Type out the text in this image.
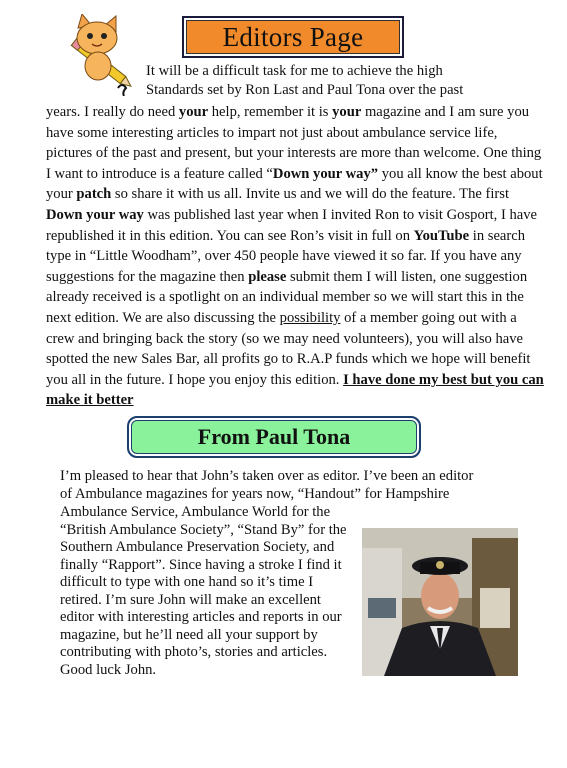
Editors Page

It will be a difficult task for me to achieve the high

Standards set by Ron Last and Paul Tona over the past

years. I really do need your help, remember it is your magazine and I am sure you have some interesting articles to impart not just about ambulance service life, pictures of the past and present, but your interests are more than welcome. One thing I want to introduce is a feature called “Down your way” you all know the best about your patch so share it with us all. Invite us and we will do the feature. The first Down your way was published last year when I invited Ron to visit Gosport, I have republished it in this edition. You can see Ron’s visit in full on YouTube in search type in “Little Woodham”, over 450 people have viewed it so far. If you have any suggestions for the magazine then please submit them I will listen, one suggestion already received is a spotlight on an individual member so we will start this in the next edition. We are also discussing the possibility of a member going out with a crew and bringing back the story (so we may need volunteers), you will also have spotted the new Sales Bar, all profits go to R.A.P funds which we hope will benefit you all in the future. I hope you enjoy this edition. I have done my best but you can make it better
From Paul Tona
I’m pleased to hear that John’s taken over as editor. I’ve been an editor
of Ambulance magazines for years now, “Handout” for Hampshire
Ambulance Service, Ambulance World for the “British Ambulance Society”, “Stand By” for the Southern Ambulance Preservation Society, and finally “Rapport”. Since having a stroke I find it difficult to type with one hand so it’s time I retired. I’m sure John will make an excellent editor with interesting articles and reports in our magazine, but he’ll need all your support by contributing with photo’s, stories and articles. Good luck John.
